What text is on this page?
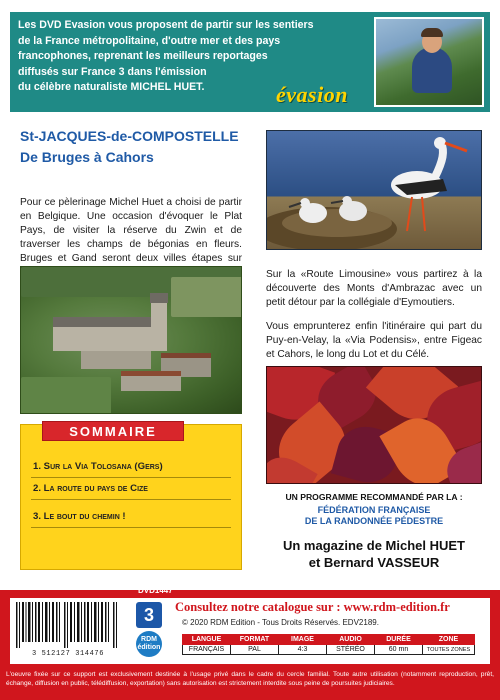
Les DVD Evasion vous proposent de partir sur les sentiers

de la France métropolitaine, d'outre mer et des pays

francophones, reprenant les meilleurs reportages

diffusés sur France 3 dans l'émission

du célèbre naturaliste MICHEL HUET.	évasion
St-JACQUES-de-COMPOSTELLE
De Bruges à Cahors
Pour ce pèlerinage Michel Huet a choisi de partir en Belgique. Une occasion d'évoquer le Plat Pays, de visiter la réserve du Zwin et de traverser les champs de bégonias en fleurs. Bruges et Gand seront deux villes étapes sur
1. Sur la Via Tolosana (Gers)
2. La route du pays de Cize
3. Le bout du chemin !
SOMMAIRE

Sur la «Route Limousine» vous partirez à la découverte des Monts d'Ambrazac avec un petit détour par la collégiale d'Eymoutiers.

Vous emprunterez enfin l'itinéraire qui part du Puy-en-Velay, la «Via Podensis», entre Figeac et Cahors, le long du Lot et du Célé.

UN PROGRAMME RECOMMANDÉ PAR LA :
FÉDÉRATION FRANÇAISE
DE LA RANDONNÉE PÉDESTRE
Un magazine de Michel HUET
et Bernard VASSEUR
DVD1447
3 512127 314476
3
RDM édition
Consultez notre catalogue sur : www.rdm-edition.fr
© 2020 RDM Edition - Tous Droits Réservés. EDV2189.
LANGUE	FORMAT	IMAGE	AUDIO	DURÉE	ZONE
FRANÇAIS	PAL	4:3	STÉRÉO	60 mn	TOUTES ZONES
L'oeuvre fixée sur ce support est exclusivement destinée à l'usage privé dans le cadre du cercle familial. Toute autre utilisation (notamment reproduction, prêt, échange, diffusion en public, télédiffusion, exportation) sans autorisation est strictement interdite sous peine de poursuites judiciaires.
